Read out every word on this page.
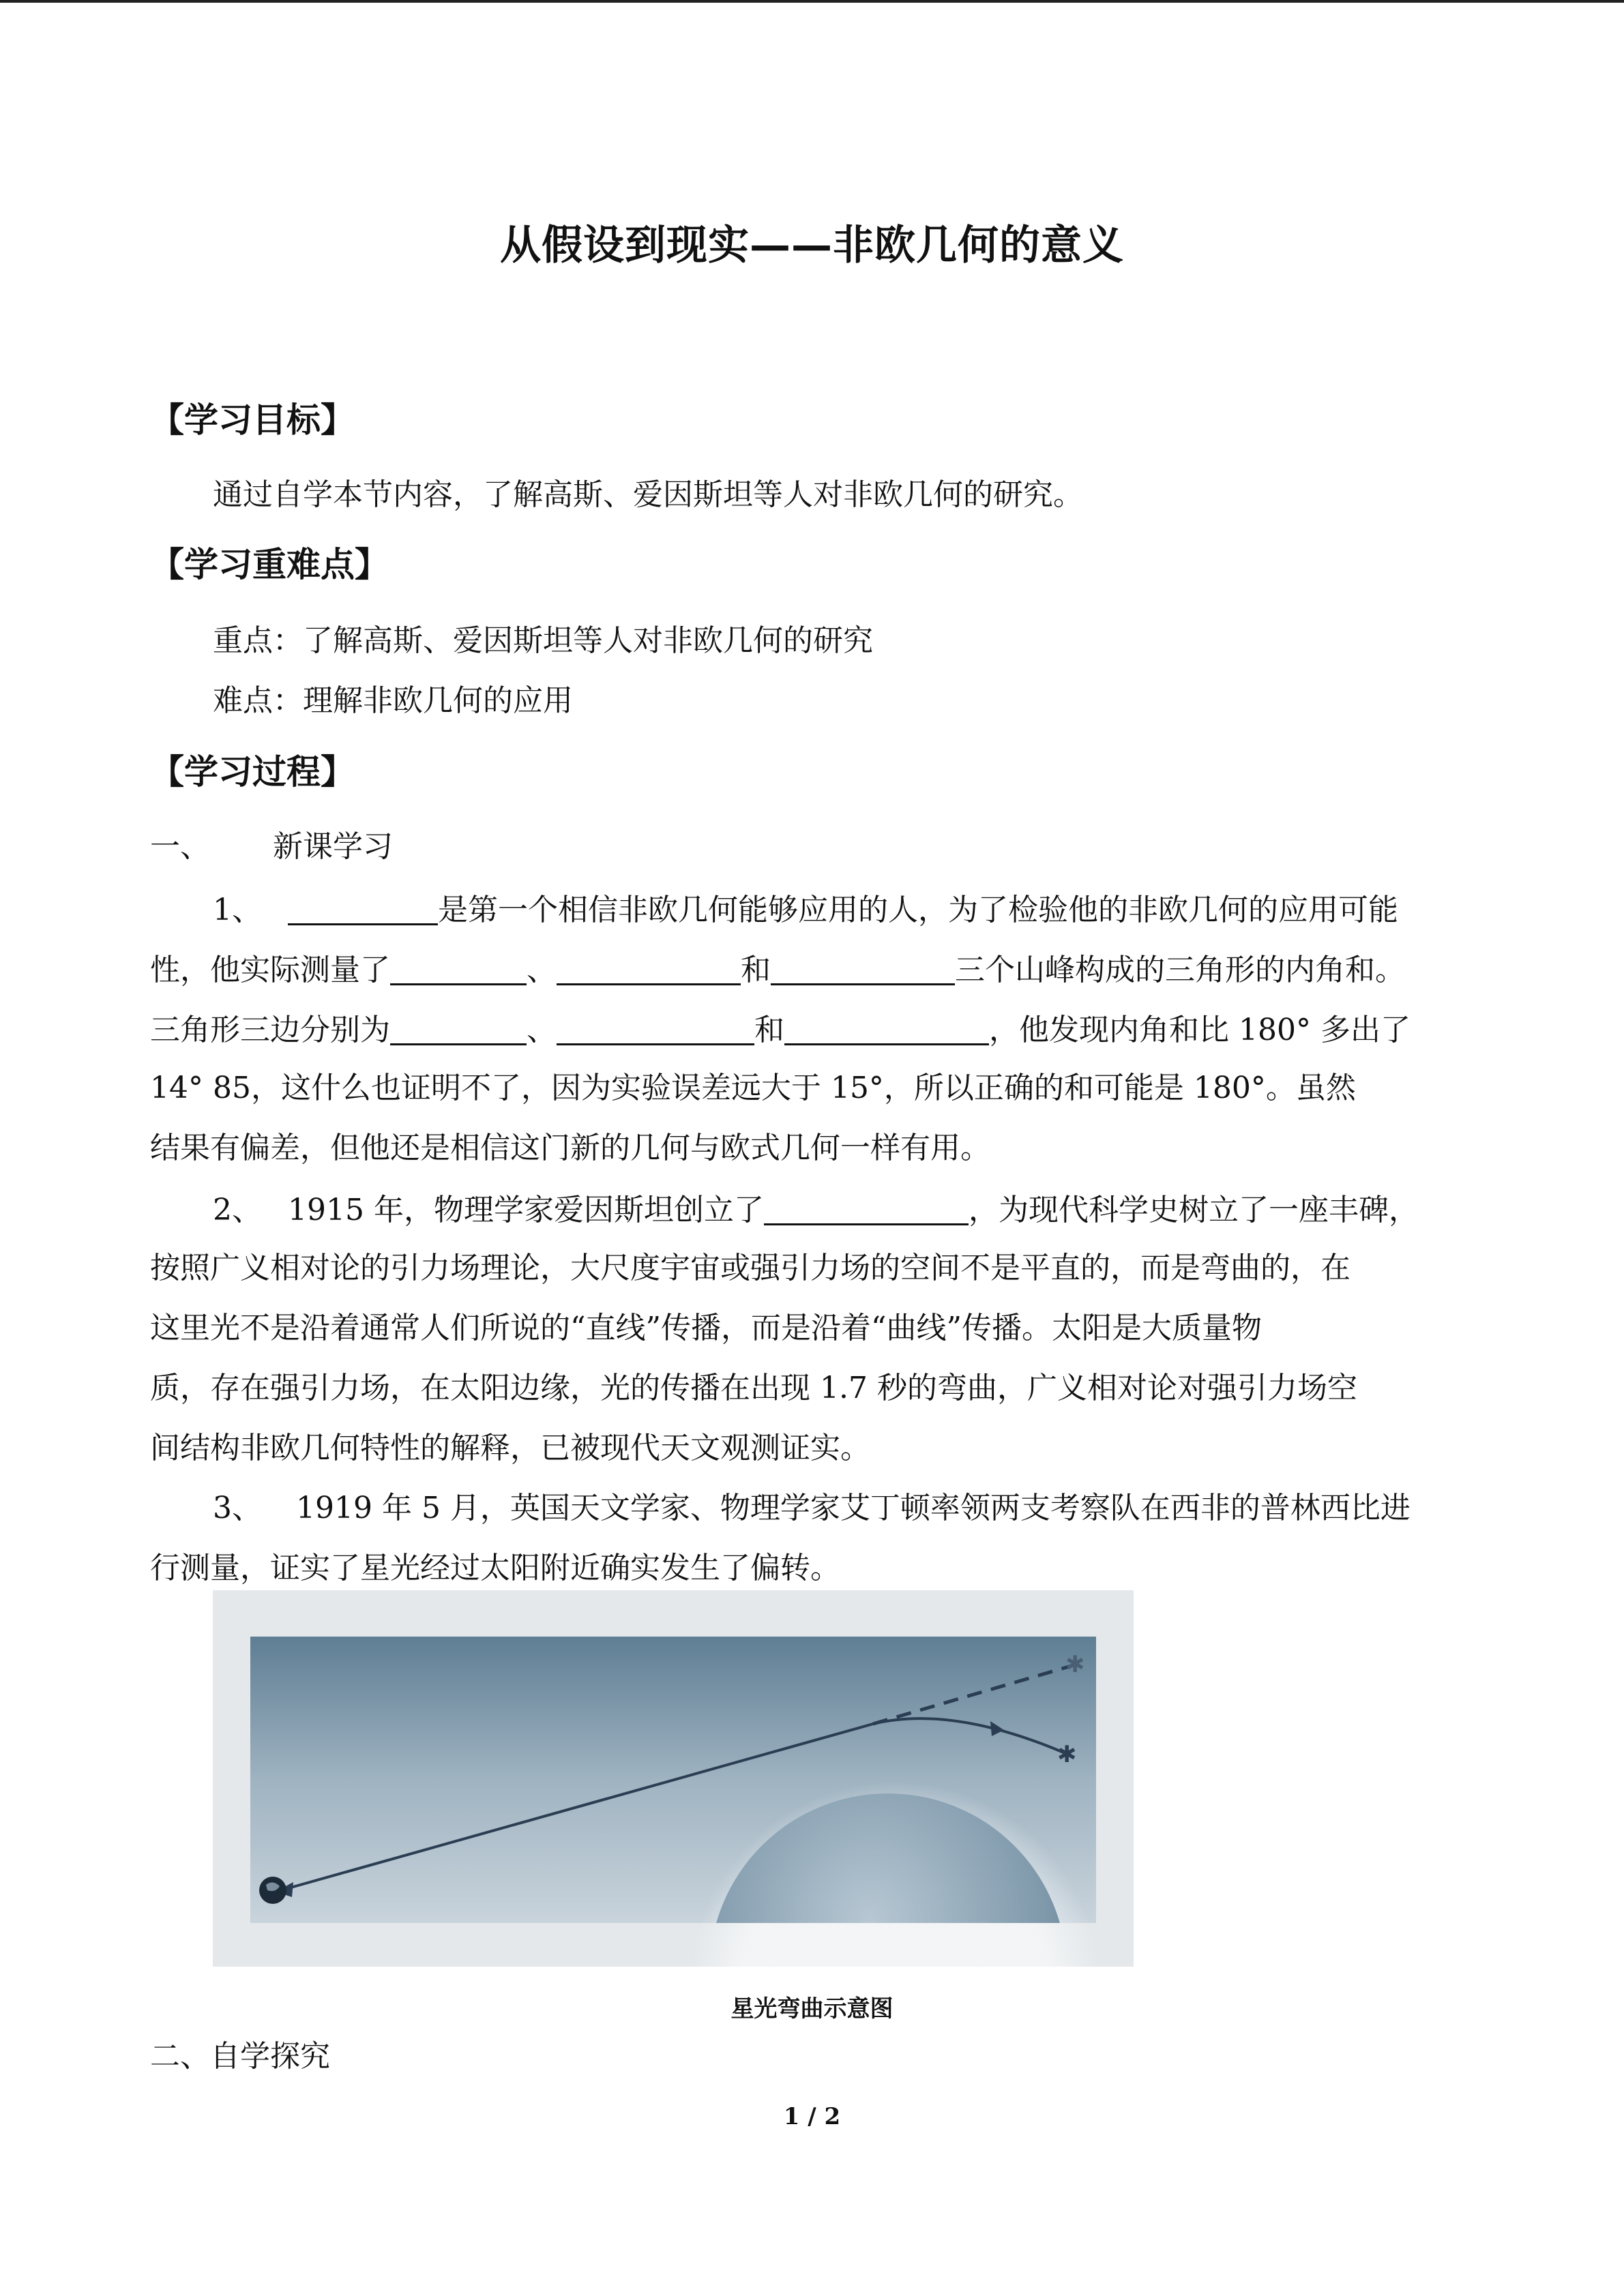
从假设到现实——非欧几何的意义
【学习目标】
通过自学本节内容，了解高斯、爱因斯坦等人对非欧几何的研究。
【学习重难点】
重点：了解高斯、爱因斯坦等人对非欧几何的研究
难点：理解非欧几何的应用
【学习过程】
一、 新课学习
1、	是第一个相信非欧几何能够应用的人，为了检验他的非欧几何的应用可能
性，他实际测量了	、	和	三个山峰构成的三角形的内角和。
三角形三边分别为	、	和	，他发现内角和比 180° 多出了
14° 85，这什么也证明不了，因为实验误差远大于 15°，所以正确的和可能是 180°。虽然
结果有偏差，但他还是相信这门新的几何与欧式几何一样有用。
2、 1915 年，物理学家爱因斯坦创立了	，为现代科学史树立了一座丰碑，
按照广义相对论的引力场理论，大尺度宇宙或强引力场的空间不是平直的，而是弯曲的，在
这里光不是沿着通常人们所说的“直线”传播，而是沿着“曲线”传播。太阳是大质量物
质，存在强引力场，在太阳边缘，光的传播在出现 1.7 秒的弯曲，广义相对论对强引力场空
间结构非欧几何特性的解释，已被现代天文观测证实。
3、 1919 年 5 月，英国天文学家、物理学家艾丁顿率领两支考察队在西非的普林西比进
行测量，证实了星光经过太阳附近确实发生了偏转。
✱
✱
星光弯曲示意图
二、自学探究
1 / 2
